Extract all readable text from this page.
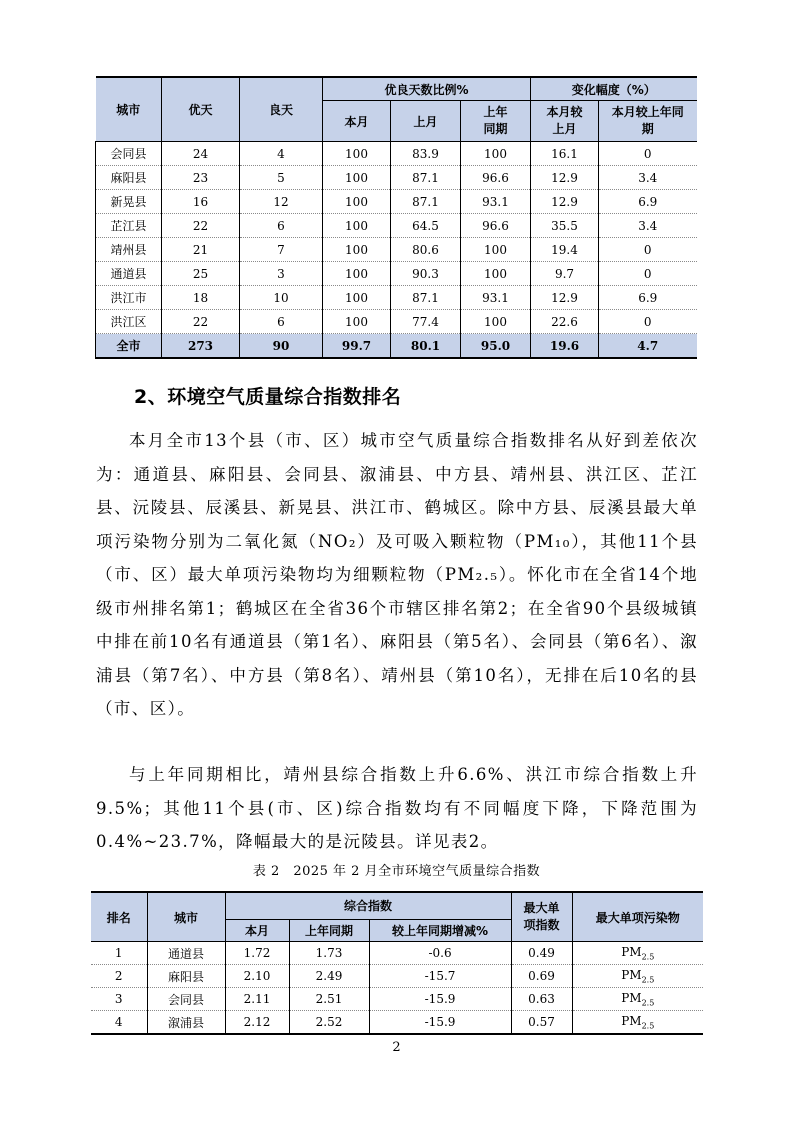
城市	优天	良天	优良天数比例%			变化幅度（%）	
			本月	上月	上年同期	本月较上月	本月较上年同期
会同县	24	4	100	83.9	100	16.1	0
麻阳县	23	5	100	87.1	96.6	12.9	3.4
新晃县	16	12	100	87.1	93.1	12.9	6.9
芷江县	22	6	100	64.5	96.6	35.5	3.4
靖州县	21	7	100	80.6	100	19.4	0
通道县	25	3	100	90.3	100	9.7	0
洪江市	18	10	100	87.1	93.1	12.9	6.9
洪江区	22	6	100	77.4	100	22.6	0
全市	273	90	99.7	80.1	95.0	19.6	4.7
2、环境空气质量综合指数排名

本月全市13个县（市、区）城市空气质量综合指数排名从好到差依次为：通道县、麻阳县、会同县、溆浦县、中方县、靖州县、洪江区、芷江县、沅陵县、辰溪县、新晃县、洪江市、鹤城区。除中方县、辰溪县最大单项污染物分别为二氧化氮（NO₂）及可吸入颗粒物（PM₁₀），其他11个县（市、区）最大单项污染物均为细颗粒物（PM₂.₅）。怀化市在全省14个地级市州排名第1；鹤城区在全省36个市辖区排名第2；在全省90个县级城镇中排在前10名有通道县（第1名）、麻阳县（第5名）、会同县（第6名）、溆浦县（第7名）、中方县（第8名）、靖州县（第10名），无排在后10名的县（市、区）。

与上年同期相比，靖州县综合指数上升6.6%、洪江市综合指数上升9.5%；其他11个县(市、区)综合指数均有不同幅度下降，下降范围为0.4%~23.7%，降幅最大的是沅陵县。详见表2。

表 2　2025 年 2 月全市环境空气质量综合指数
排名	城市	综合指数			最大单项指数	最大单项污染物
		本月	上年同期	较上年同期增减%		
1	通道县	1.72	1.73	-0.6	0.49	$PM_{2.5}$
2	麻阳县	2.10	2.49	-15.7	0.69	$PM_{2.5}$
3	会同县	2.11	2.51	-15.9	0.63	$PM_{2.5}$
4	溆浦县	2.12	2.52	-15.9	0.57	$PM_{2.5}$
2
